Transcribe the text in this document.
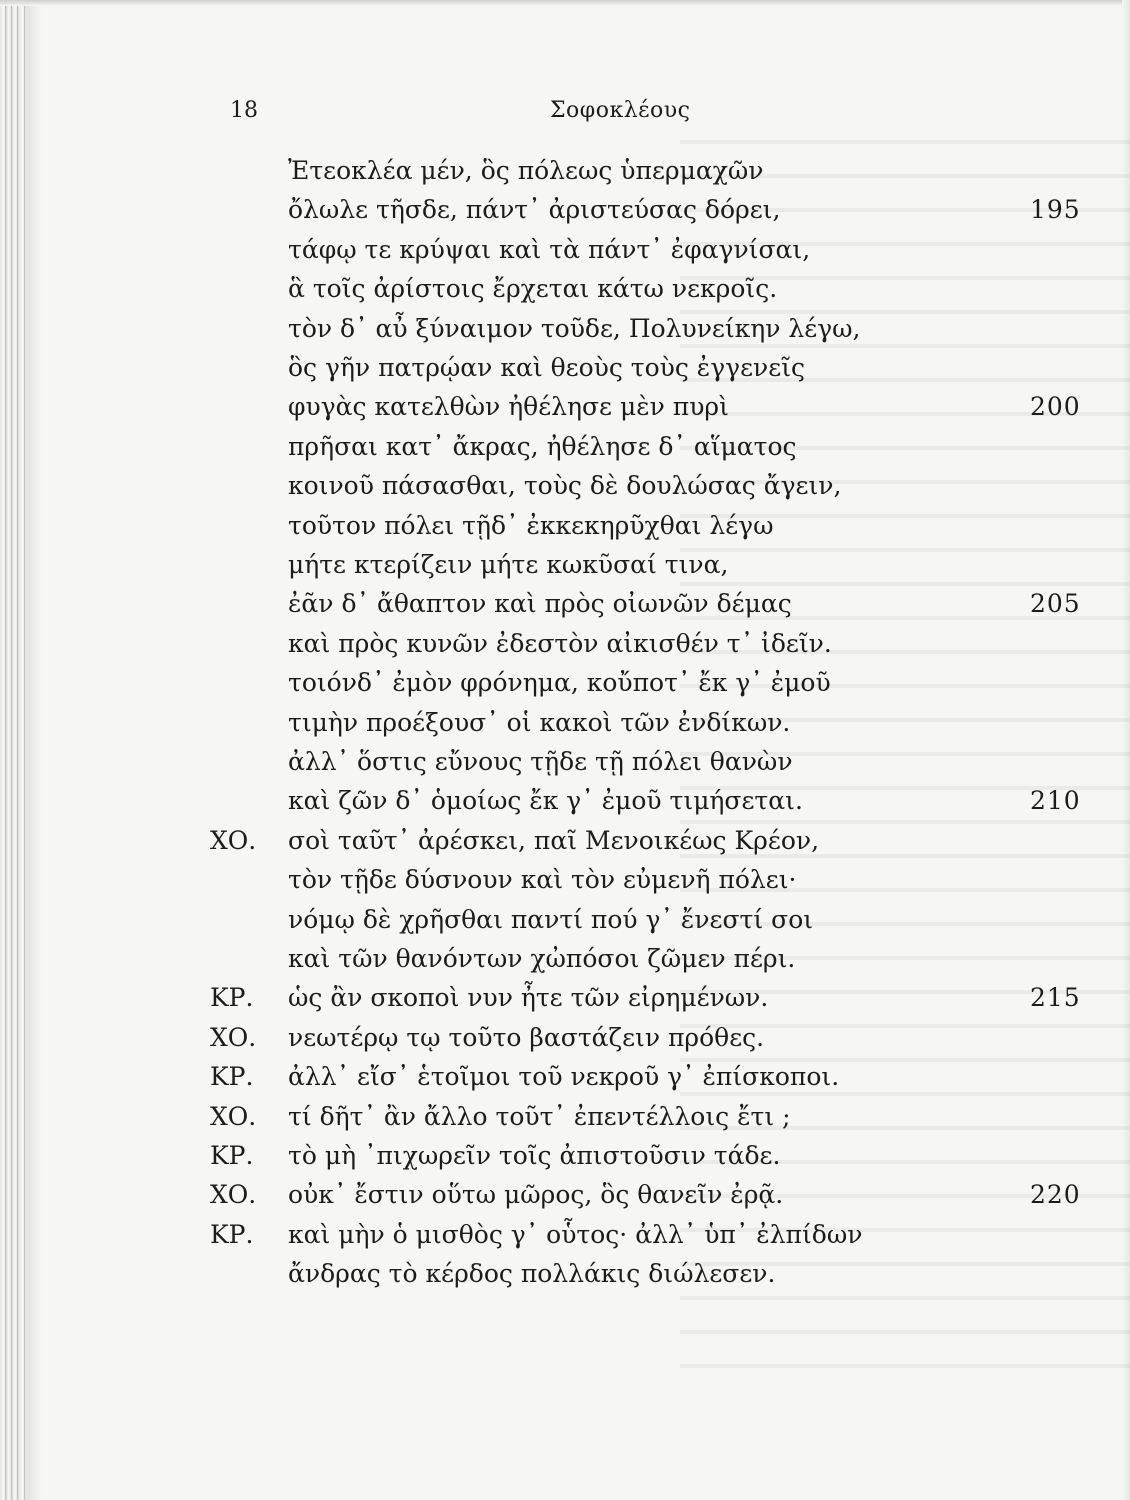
18	Σοφοκλέους
Ἐτεοκλέα μέν, ὃς πόλεως ὑπερμαχῶν
ὄλωλε τῆσδε, πάντ᾽ ἀριστεύσας δόρει,	195
τάφῳ τε κρύψαι καὶ τὰ πάντ᾽ ἐφαγνίσαι,
ἃ τοῖς ἀρίστοις ἔρχεται κάτω νεκροῖς.
τὸν δ᾽ αὖ ξύναιμον τοῦδε, Πολυνείκην λέγω,
ὃς γῆν πατρῴαν καὶ θεοὺς τοὺς ἐγγενεῖς
φυγὰς κατελθὼν ἠθέλησε μὲν πυρὶ	200
πρῆσαι κατ᾽ ἄκρας, ἠθέλησε δ᾽ αἵματος
κοινοῦ πάσασθαι, τοὺς δὲ δουλώσας ἄγειν,
τοῦτον πόλει τῇδ᾽ ἐκκεκηρῦχθαι λέγω
μήτε κτερίζειν μήτε κωκῦσαί τινα,
ἐᾶν δ᾽ ἄθαπτον καὶ πρὸς οἰωνῶν δέμας	205
καὶ πρὸς κυνῶν ἐδεστὸν αἰκισθέν τ᾽ ἰδεῖν.
τοιόνδ᾽ ἐμὸν φρόνημα, κοὔποτ᾽ ἔκ γ᾽ ἐμοῦ
τιμὴν προέξουσ᾽ οἱ κακοὶ τῶν ἐνδίκων.
ἀλλ᾽ ὅστις εὔνους τῇδε τῇ πόλει θανὼν
καὶ ζῶν δ᾽ ὁμοίως ἔκ γ᾽ ἐμοῦ τιμήσεται.	210
ΧΟ. σοὶ ταῦτ᾽ ἀρέσκει, παῖ Μενοικέως Κρέον,
τὸν τῇδε δύσνουν καὶ τὸν εὐμενῆ πόλει·
νόμῳ δὲ χρῆσθαι παντί πού γ᾽ ἔνεστί σοι
καὶ τῶν θανόντων χὠπόσοι ζῶμεν πέρι.
ΚΡ. ὡς ἂν σκοποὶ νυν ἦτε τῶν εἰρημένων.	215
ΧΟ. νεωτέρῳ τῳ τοῦτο βαστάζειν πρόθες.
ΚΡ. ἀλλ᾽ εἴσ᾽ ἑτοῖμοι τοῦ νεκροῦ γ᾽ ἐπίσκοποι.
ΧΟ. τί δῆτ᾽ ἂν ἄλλο τοῦτ᾽ ἐπεντέλλοις ἔτι ;
ΚΡ. τὸ μὴ ᾽πιχωρεῖν τοῖς ἀπιστοῦσιν τάδε.
ΧΟ. οὐκ᾽ ἔστιν οὕτω μῶρος, ὃς θανεῖν ἐρᾷ.	220
ΚΡ. καὶ μὴν ὁ μισθὸς γ᾽ οὗτος· ἀλλ᾽ ὑπ᾽ ἐλπίδων
ἄνδρας τὸ κέρδος πολλάκις διώλεσεν.
